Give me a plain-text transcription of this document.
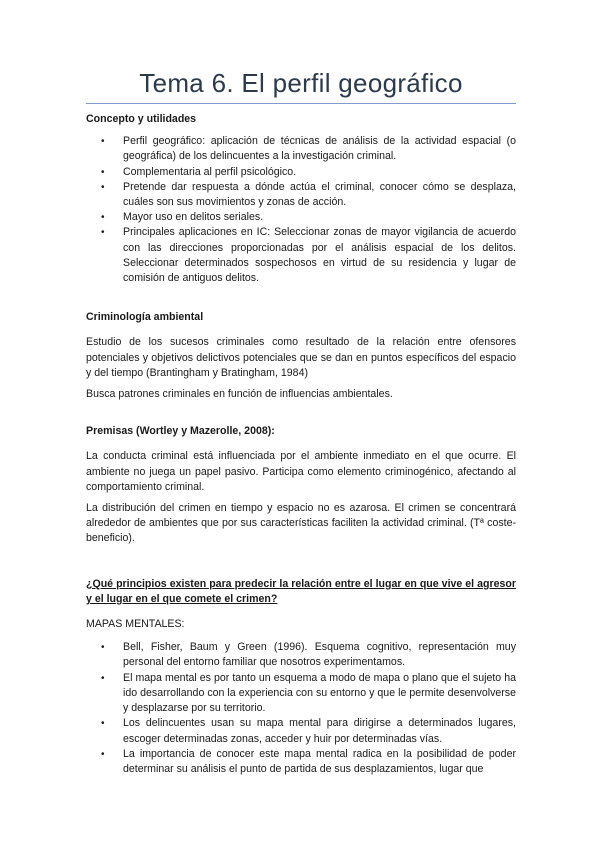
Tema 6. El perfil geográfico

Concepto y utilidades

• Perfil geográfico: aplicación de técnicas de análisis de la actividad espacial (o geográfica) de los delincuentes a la investigación criminal.
• Complementaria al perfil psicológico.
• Pretende dar respuesta a dónde actúa el criminal, conocer cómo se desplaza, cuáles son sus movimientos y zonas de acción.
• Mayor uso en delitos seriales.
• Principales aplicaciones en IC: Seleccionar zonas de mayor vigilancia de acuerdo con las direcciones proporcionadas por el análisis espacial de los delitos. Seleccionar determinados sospechosos en virtud de su residencia y lugar de comisión de antiguos delitos.

Criminología ambiental

Estudio de los sucesos criminales como resultado de la relación entre ofensores potenciales y objetivos delictivos potenciales que se dan en puntos específicos del espacio y del tiempo (Brantingham y Bratingham, 1984)

Busca patrones criminales en función de influencias ambientales.

Premisas (Wortley y Mazerolle, 2008):

La conducta criminal está influenciada por el ambiente inmediato en el que ocurre. El ambiente no juega un papel pasivo. Participa como elemento criminogénico, afectando al comportamiento criminal.

La distribución del crimen en tiempo y espacio no es azarosa. El crimen se concentrará alrededor de ambientes que por sus características faciliten la actividad criminal. (Tª coste-beneficio).

¿Qué principios existen para predecir la relación entre el lugar en que vive el agresor y el lugar en el que comete el crimen?

MAPAS MENTALES:

• Bell, Fisher, Baum y Green (1996). Esquema cognitivo, representación muy personal del entorno familiar que nosotros experimentamos.
• El mapa mental es por tanto un esquema a modo de mapa o plano que el sujeto ha ido desarrollando con la experiencia con su entorno y que le permite desenvolverse y desplazarse por su territorio.
• Los delincuentes usan su mapa mental para dirigirse a determinados lugares, escoger determinadas zonas, acceder y huir por determinadas vías.
• La importancia de conocer este mapa mental radica en la posibilidad de poder determinar su análisis el punto de partida de sus desplazamientos, lugar que
